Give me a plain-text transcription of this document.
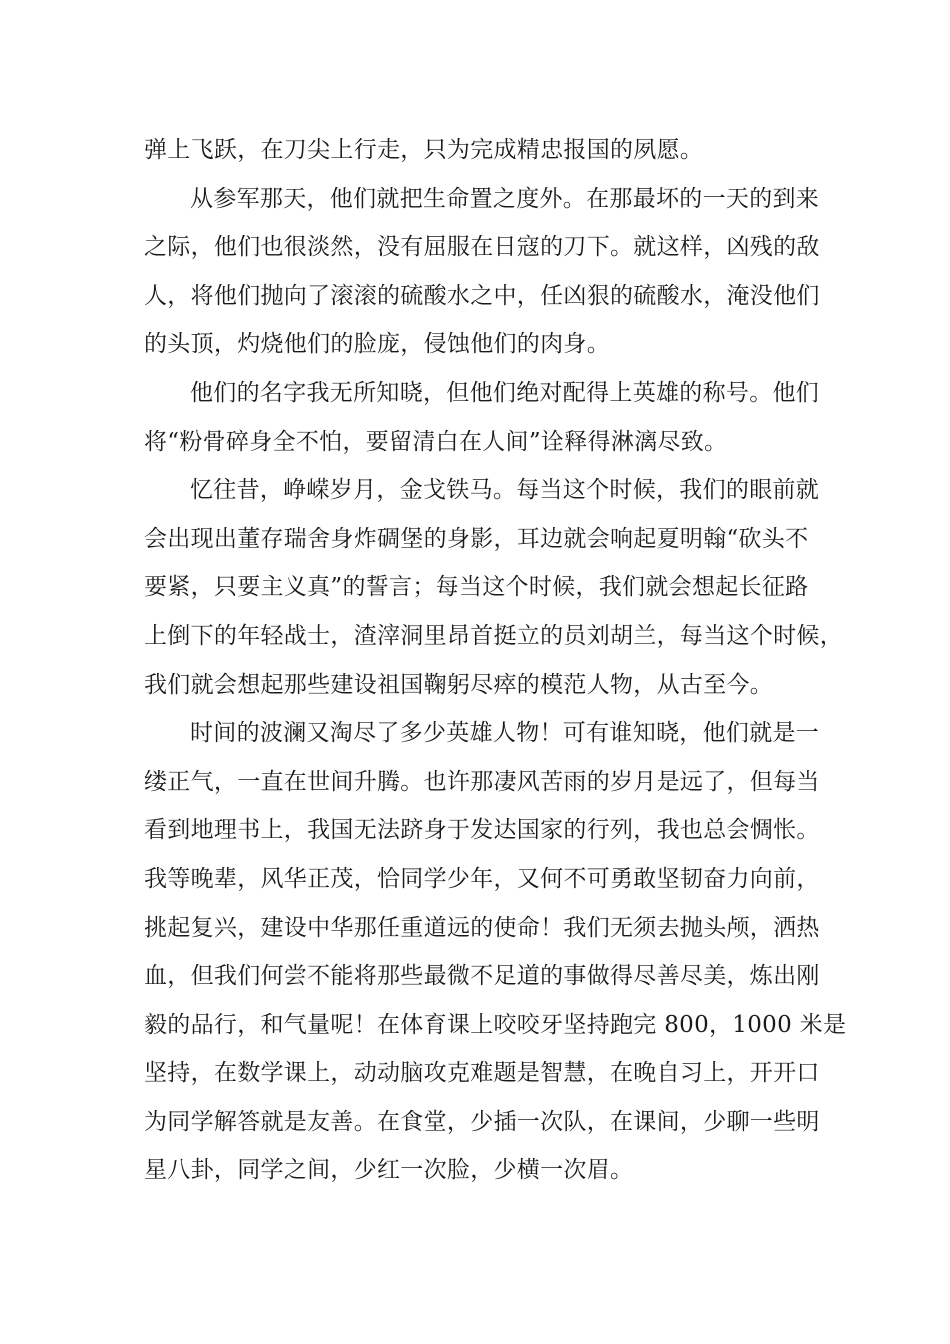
弹上飞跃，在刀尖上行走，只为完成精忠报国的夙愿。
从参军那天，他们就把生命置之度外。在那最坏的一天的到来
之际，他们也很淡然，没有屈服在日寇的刀下。就这样，凶残的敌
人，将他们抛向了滚滚的硫酸水之中，任凶狠的硫酸水，淹没他们
的头顶，灼烧他们的脸庞，侵蚀他们的肉身。
他们的名字我无所知晓，但他们绝对配得上英雄的称号。他们
将“粉骨碎身全不怕，要留清白在人间”诠释得淋漓尽致。
忆往昔，峥嵘岁月，金戈铁马。每当这个时候，我们的眼前就
会出现出董存瑞舍身炸碉堡的身影，耳边就会响起夏明翰“砍头不
要紧，只要主义真”的誓言；每当这个时候，我们就会想起长征路
上倒下的年轻战士，渣滓洞里昂首挺立的员刘胡兰，每当这个时候，
我们就会想起那些建设祖国鞠躬尽瘁的模范人物，从古至今。
时间的波澜又淘尽了多少英雄人物！可有谁知晓，他们就是一
缕正气，一直在世间升腾。也许那凄风苦雨的岁月是远了，但每当
看到地理书上，我国无法跻身于发达国家的行列，我也总会惆怅。
我等晚辈，风华正茂，恰同学少年，又何不可勇敢坚韧奋力向前，
挑起复兴，建设中华那任重道远的使命！我们无须去抛头颅，洒热
血，但我们何尝不能将那些最微不足道的事做得尽善尽美，炼出刚
毅的品行，和气量呢！在体育课上咬咬牙坚持跑完 800，1000 米是
坚持，在数学课上，动动脑攻克难题是智慧，在晚自习上，开开口
为同学解答就是友善。在食堂，少插一次队，在课间，少聊一些明
星八卦，同学之间，少红一次脸，少横一次眉。
